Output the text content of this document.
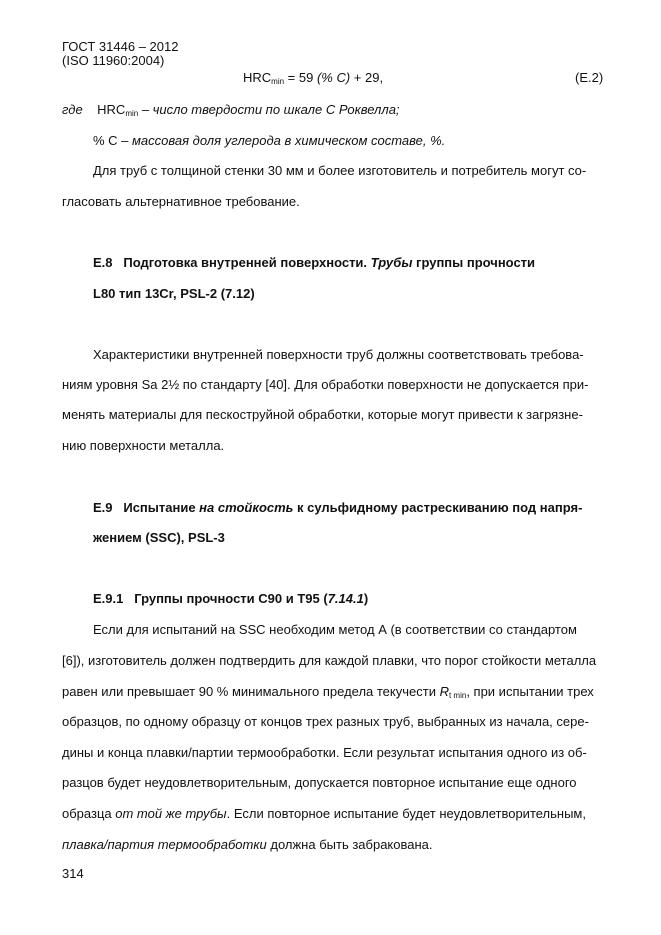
ГОСТ 31446 – 2012
(ISO 11960:2004)
$HRC_{min} = 59$ (% C) + 29,	(E.2)
где $HRC_{min}$ – число твердости по шкале С Роквелла;
% С – массовая доля углерода в химическом составе, %.
Для труб с толщиной стенки 30 мм и более изготовитель и потребитель могут со-
гласовать альтернативное требование.
Е.8 Подготовка внутренней поверхности. Трубы группы прочности
L80 тип 13Cr, PSL-2 (7.12)
Характеристики внутренней поверхности труб должны соответствовать требова-
ниям уровня Sa 2½ по стандарту [40]. Для обработки поверхности не допускается при-
менять материалы для пескоструйной обработки, которые могут привести к загрязне-
нию поверхности металла.
Е.9 Испытание на стойкость к сульфидному растрескиванию под напря-
жением (SSC), PSL-3
Е.9.1 Группы прочности С90 и Т95 (7.14.1)
Если для испытаний на SSC необходим метод А (в соответствии со стандартом
[6]), изготовитель должен подтвердить для каждой плавки, что порог стойкости металла
равен или превышает 90 % минимального предела текучести $R_{t min}$, при испытании трех
образцов, по одному образцу от концов трех разных труб, выбранных из начала, сере-
дины и конца плавки/партии термообработки. Если результат испытания одного из об-
разцов будет неудовлетворительным, допускается повторное испытание еще одного
образца от той же трубы. Если повторное испытание будет неудовлетворительным,
плавка/партия термообработки должна быть забракована.
314
